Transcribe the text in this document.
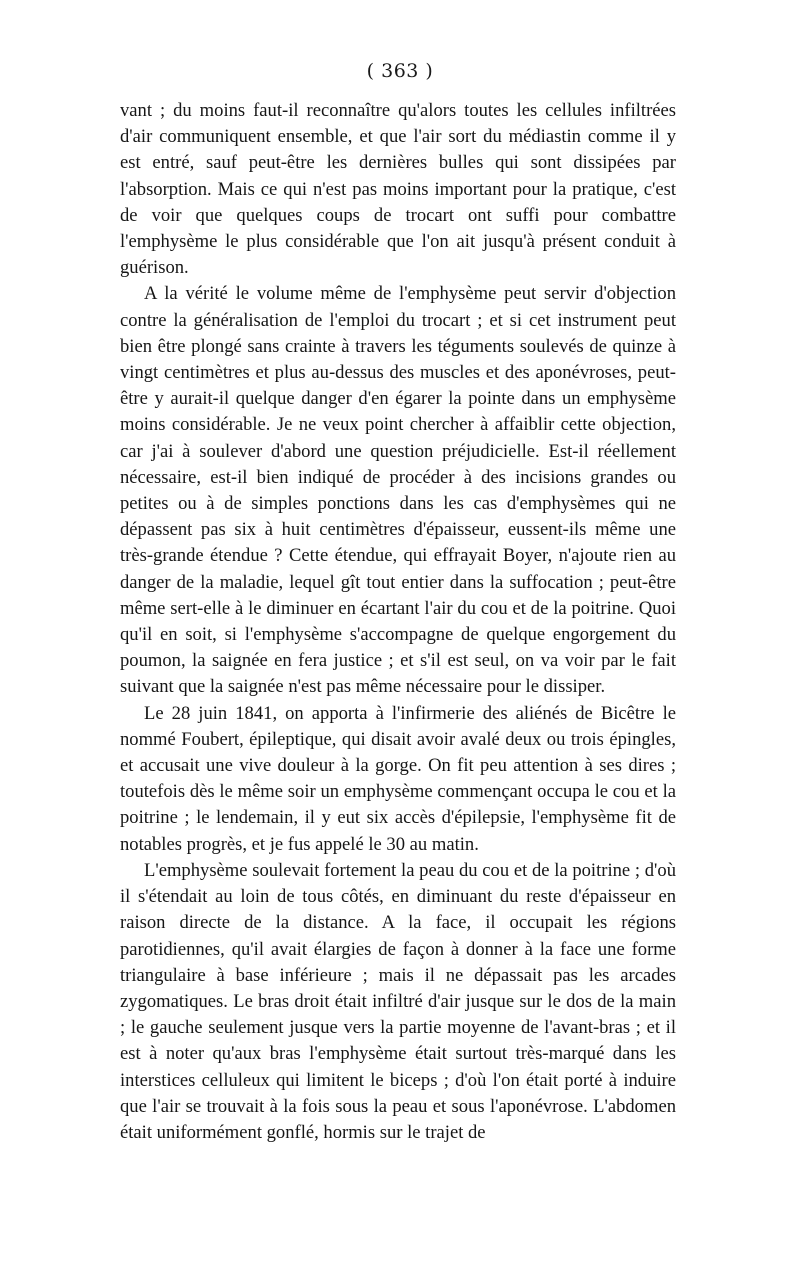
( 363 )

vant ; du moins faut-il reconnaître qu'alors toutes les cellules infiltrées d'air communiquent ensemble, et que l'air sort du médiastin comme il y est entré, sauf peut-être les dernières bulles qui sont dissipées par l'absorption. Mais ce qui n'est pas moins important pour la pratique, c'est de voir que quelques coups de trocart ont suffi pour combattre l'emphysème le plus considérable que l'on ait jusqu'à présent conduit à guérison.

A la vérité le volume même de l'emphysème peut servir d'objection contre la généralisation de l'emploi du trocart ; et si cet instrument peut bien être plongé sans crainte à travers les téguments soulevés de quinze à vingt centimètres et plus au-dessus des muscles et des aponévroses, peut-être y aurait-il quelque danger d'en égarer la pointe dans un emphysème moins considérable. Je ne veux point chercher à affaiblir cette objection, car j'ai à soulever d'abord une question préjudicielle. Est-il réellement nécessaire, est-il bien indiqué de procéder à des incisions grandes ou petites ou à de simples ponctions dans les cas d'emphysèmes qui ne dépassent pas six à huit centimètres d'épaisseur, eussent-ils même une très-grande étendue ? Cette étendue, qui effrayait Boyer, n'ajoute rien au danger de la maladie, lequel gît tout entier dans la suffocation ; peut-être même sert-elle à le diminuer en écartant l'air du cou et de la poitrine. Quoi qu'il en soit, si l'emphysème s'accompagne de quelque engorgement du poumon, la saignée en fera justice ; et s'il est seul, on va voir par le fait suivant que la saignée n'est pas même nécessaire pour le dissiper.

Le 28 juin 1841, on apporta à l'infirmerie des aliénés de Bicêtre le nommé Foubert, épileptique, qui disait avoir avalé deux ou trois épingles, et accusait une vive douleur à la gorge. On fit peu attention à ses dires ; toutefois dès le même soir un emphysème commençant occupa le cou et la poitrine ; le lendemain, il y eut six accès d'épilepsie, l'emphysème fit de notables progrès, et je fus appelé le 30 au matin.

L'emphysème soulevait fortement la peau du cou et de la poitrine ; d'où il s'étendait au loin de tous côtés, en diminuant du reste d'épaisseur en raison directe de la distance. A la face, il occupait les régions parotidiennes, qu'il avait élargies de façon à donner à la face une forme triangulaire à base inférieure ; mais il ne dépassait pas les arcades zygomatiques. Le bras droit était infiltré d'air jusque sur le dos de la main ; le gauche seulement jusque vers la partie moyenne de l'avant-bras ; et il est à noter qu'aux bras l'emphysème était surtout très-marqué dans les interstices celluleux qui limitent le biceps ; d'où l'on était porté à induire que l'air se trouvait à la fois sous la peau et sous l'aponévrose. L'abdomen était uniformément gonflé, hormis sur le trajet de
